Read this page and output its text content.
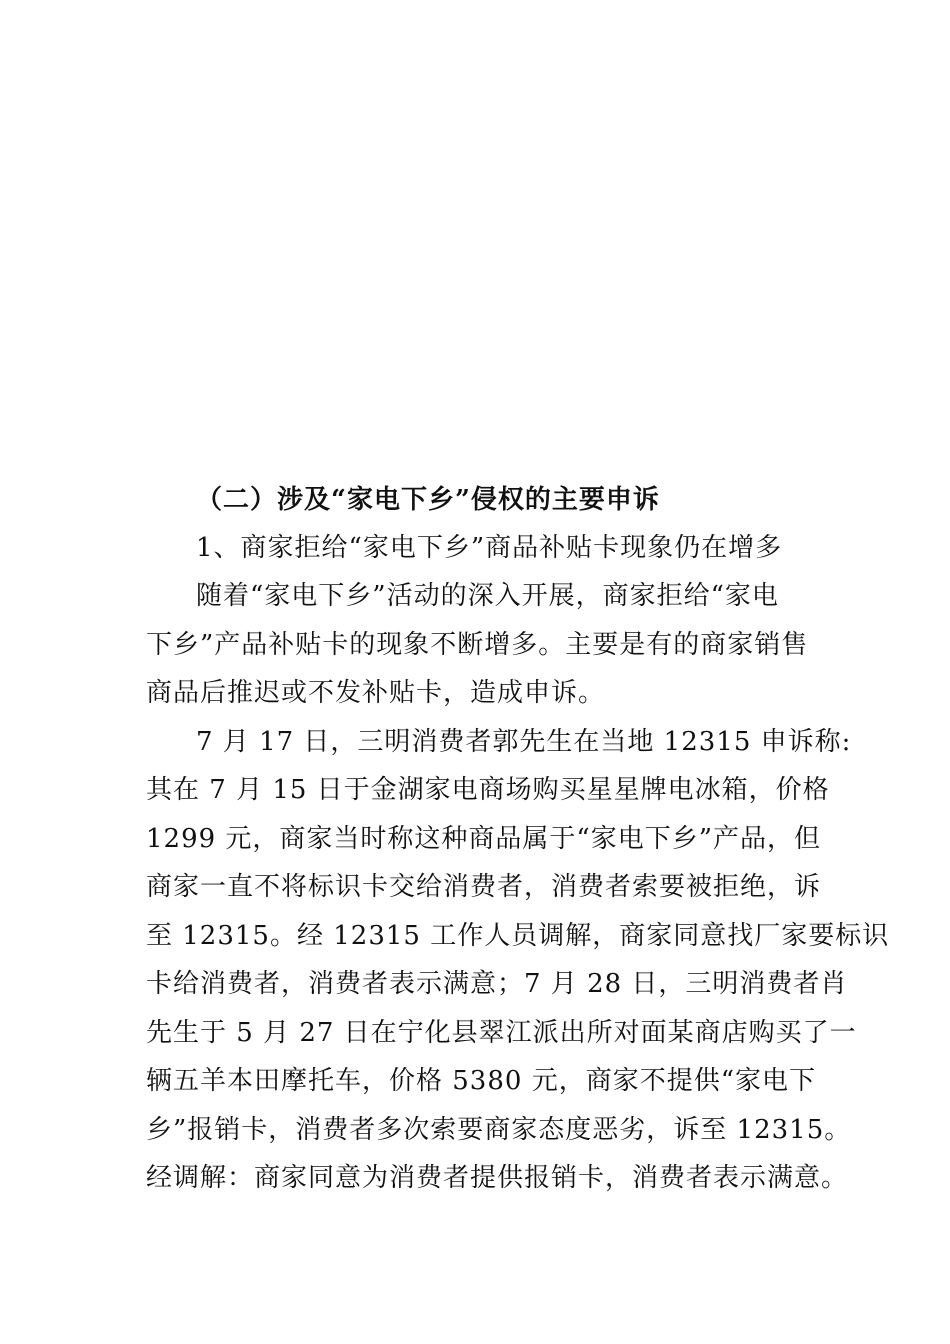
（二）涉及“家电下乡”侵权的主要申诉

1、商家拒给“家电下乡”商品补贴卡现象仍在增多

随着“家电下乡”活动的深入开展，商家拒给“家电

下乡”产品补贴卡的现象不断增多。主要是有的商家销售

商品后推迟或不发补贴卡，造成申诉。

7 月 17 日，三明消费者郭先生在当地 12315 申诉称:

其在 7 月 15 日于金湖家电商场购买星星牌电冰箱，价格

1299 元，商家当时称这种商品属于“家电下乡”产品，但

商家一直不将标识卡交给消费者，消费者索要被拒绝，诉

至 12315。经 12315 工作人员调解，商家同意找厂家要标识

卡给消费者，消费者表示满意；7 月 28 日，三明消费者肖

先生于 5 月 27 日在宁化县翠江派出所对面某商店购买了一

辆五羊本田摩托车，价格 5380 元，商家不提供“家电下

乡”报销卡，消费者多次索要商家态度恶劣，诉至 12315。

经调解：商家同意为消费者提供报销卡，消费者表示满意。
